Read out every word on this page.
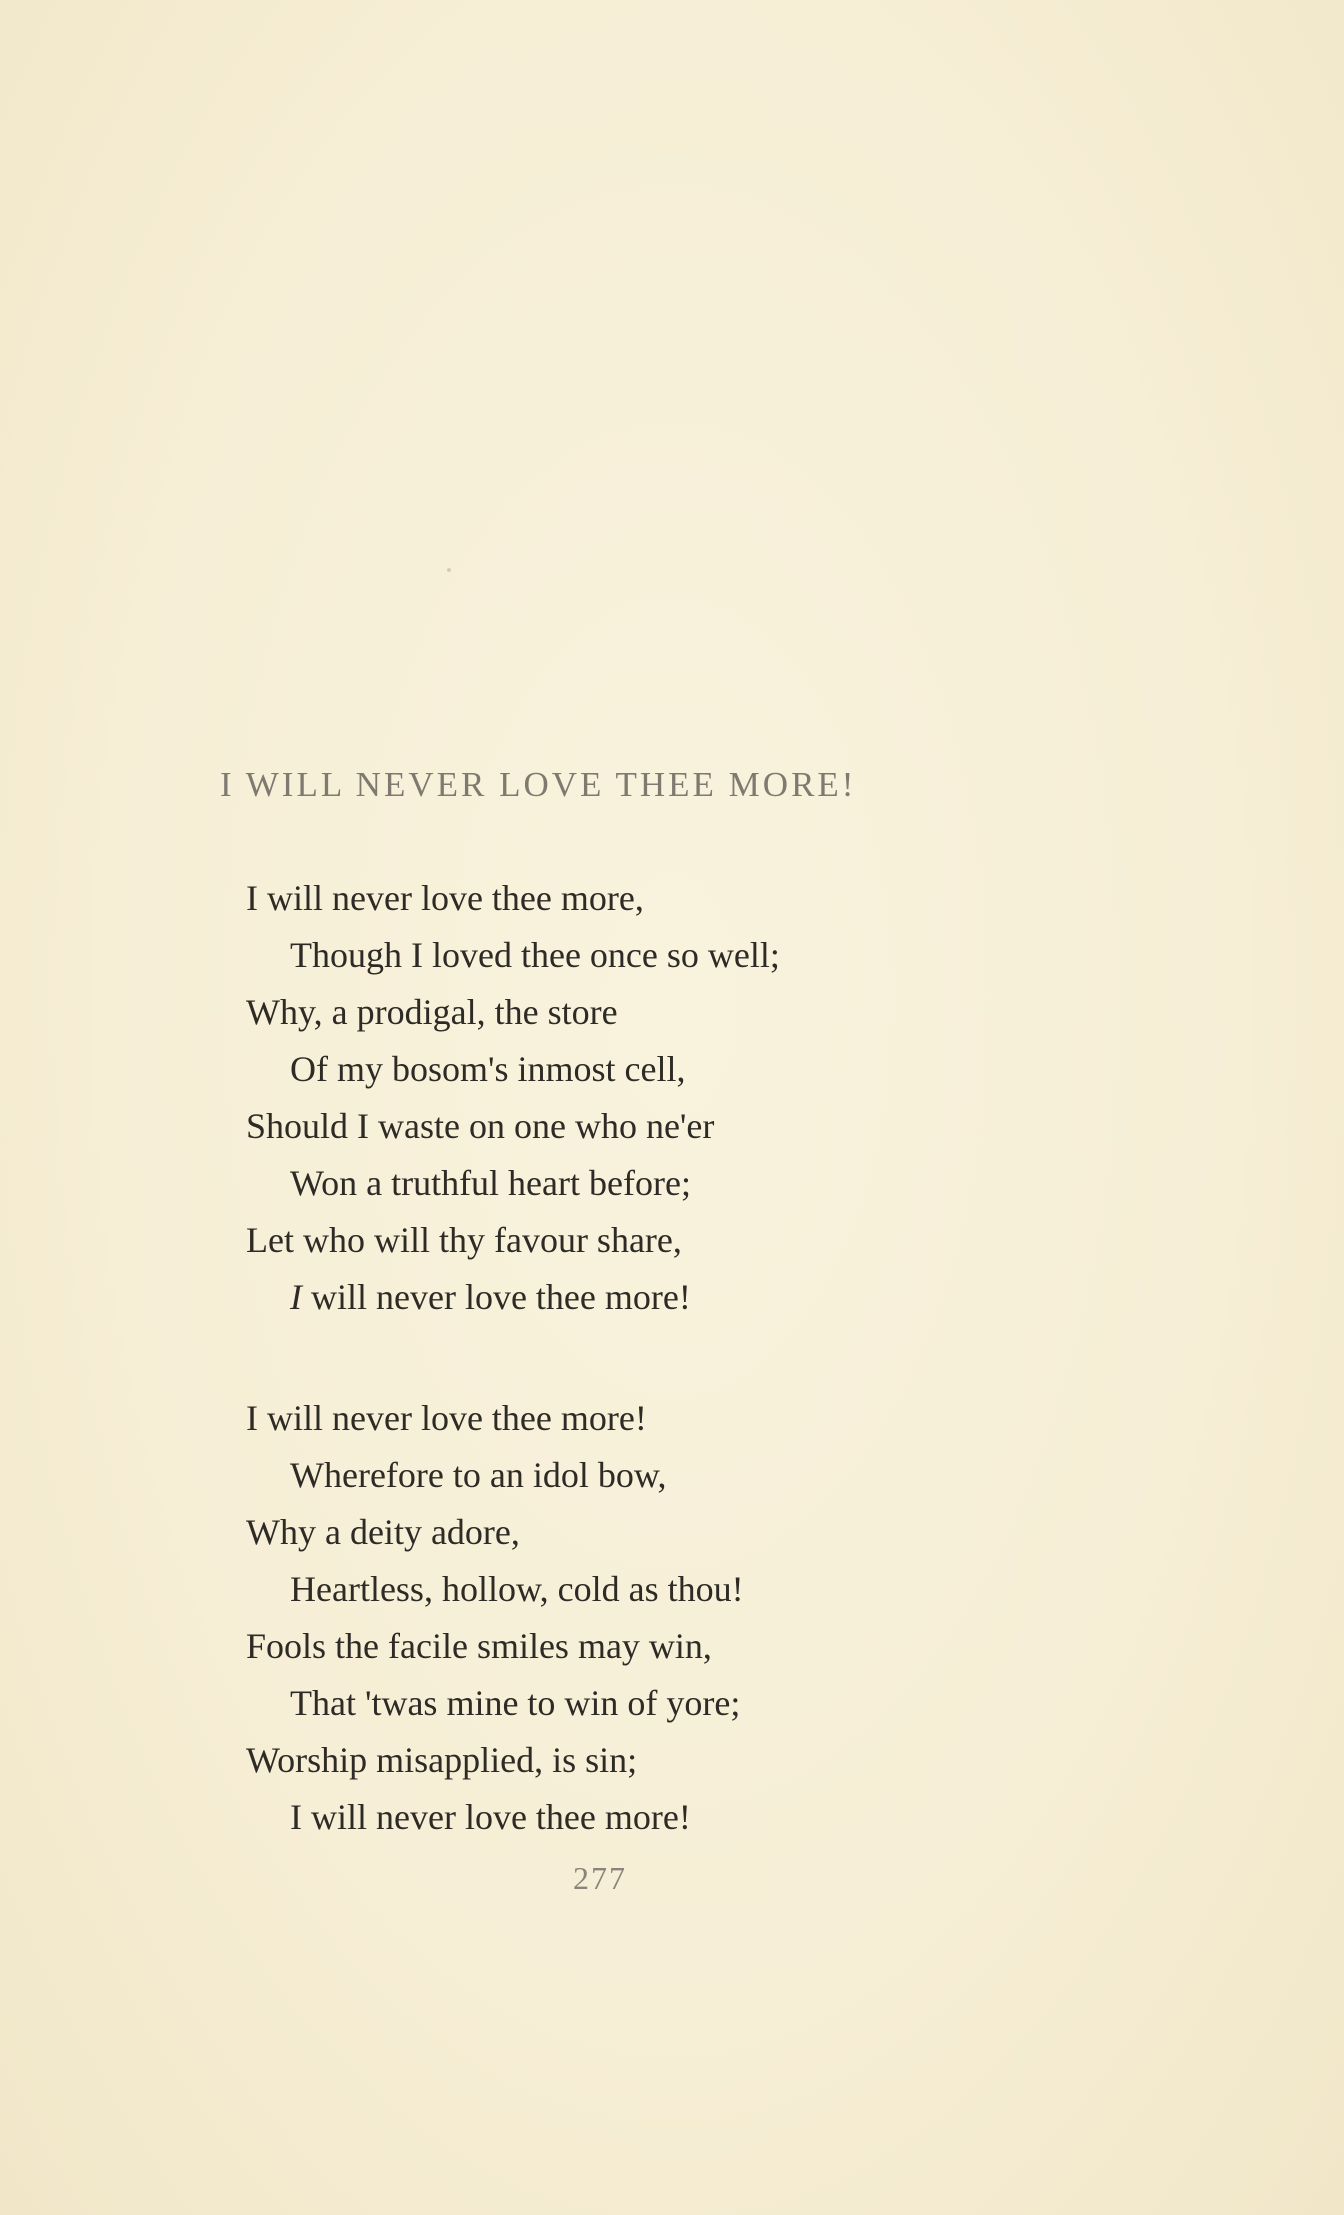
I WILL NEVER LOVE THEE MORE!
I will never love thee more,
Though I loved thee once so well;
Why, a prodigal, the store
Of my bosom's inmost cell,
Should I waste on one who ne'er
Won a truthful heart before;
Let who will thy favour share,
I will never love thee more!
I will never love thee more!
Wherefore to an idol bow,
Why a deity adore,
Heartless, hollow, cold as thou!
Fools the facile smiles may win,
That 'twas mine to win of yore;
Worship misapplied, is sin;
I will never love thee more!
277
